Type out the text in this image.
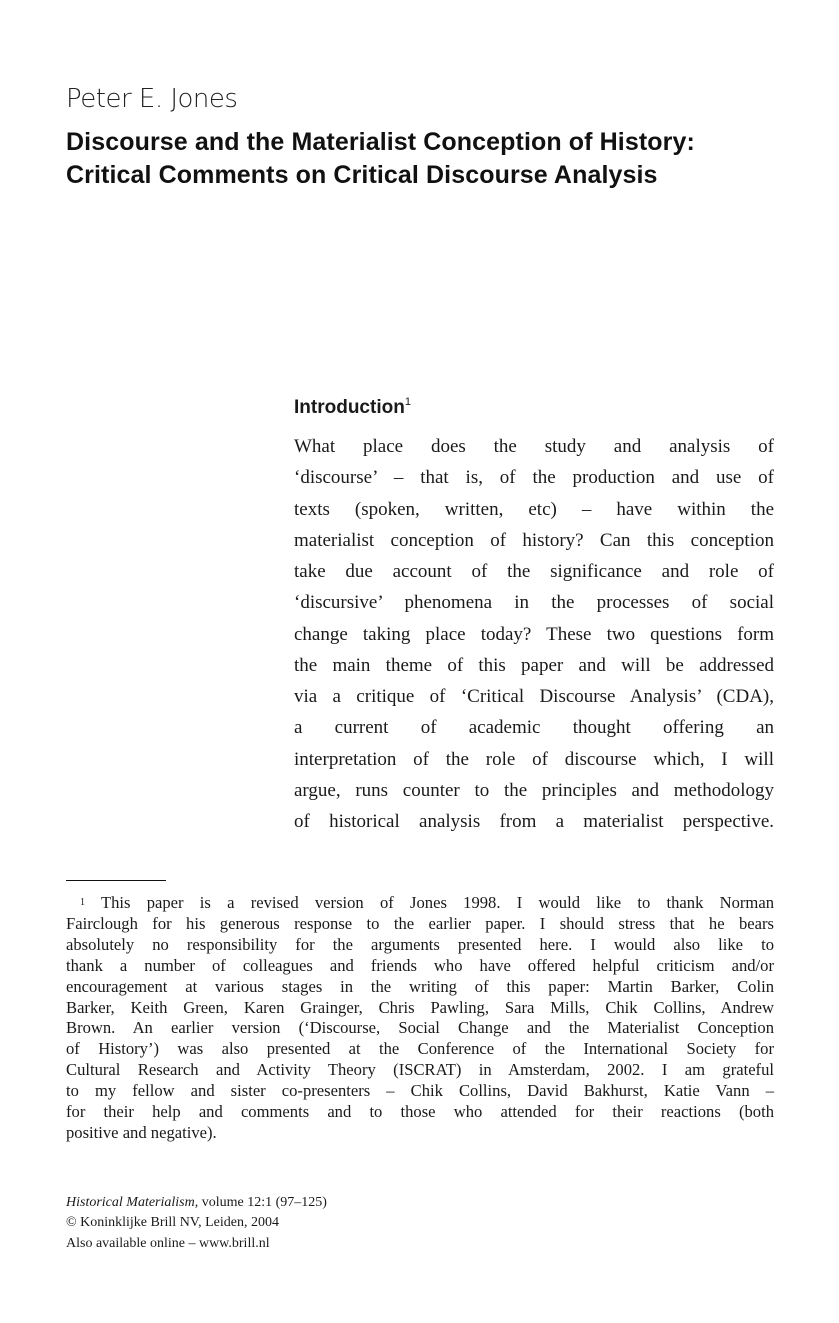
Peter E. Jones
Discourse and the Materialist Conception of History:
Critical Comments on Critical Discourse Analysis
Introduction$^1$
What place does the study and analysis of
‘discourse’ – that is, of the production and use of
texts (spoken, written, etc) – have within the
materialist conception of history? Can this conception
take due account of the significance and role of
‘discursive’ phenomena in the processes of social
change taking place today? These two questions form
the main theme of this paper and will be addressed
via a critique of ‘Critical Discourse Analysis’ (CDA),
a current of academic thought offering an
interpretation of the role of discourse which, I will
argue, runs counter to the principles and methodology
of historical analysis from a materialist perspective.
$^1$ This paper is a revised version of Jones 1998. I would like to thank Norman
Fairclough for his generous response to the earlier paper. I should stress that he bears
absolutely no responsibility for the arguments presented here. I would also like to
thank a number of colleagues and friends who have offered helpful criticism and/or
encouragement at various stages in the writing of this paper: Martin Barker, Colin
Barker, Keith Green, Karen Grainger, Chris Pawling, Sara Mills, Chik Collins, Andrew
Brown. An earlier version (‘Discourse, Social Change and the Materialist Conception
of History’) was also presented at the Conference of the International Society for
Cultural Research and Activity Theory (ISCRAT) in Amsterdam, 2002. I am grateful
to my fellow and sister co-presenters – Chik Collins, David Bakhurst, Katie Vann –
for their help and comments and to those who attended for their reactions (both
positive and negative).
Historical Materialism, volume 12:1 (97–125)
© Koninklijke Brill NV, Leiden, 2004
Also available online – www.brill.nl
